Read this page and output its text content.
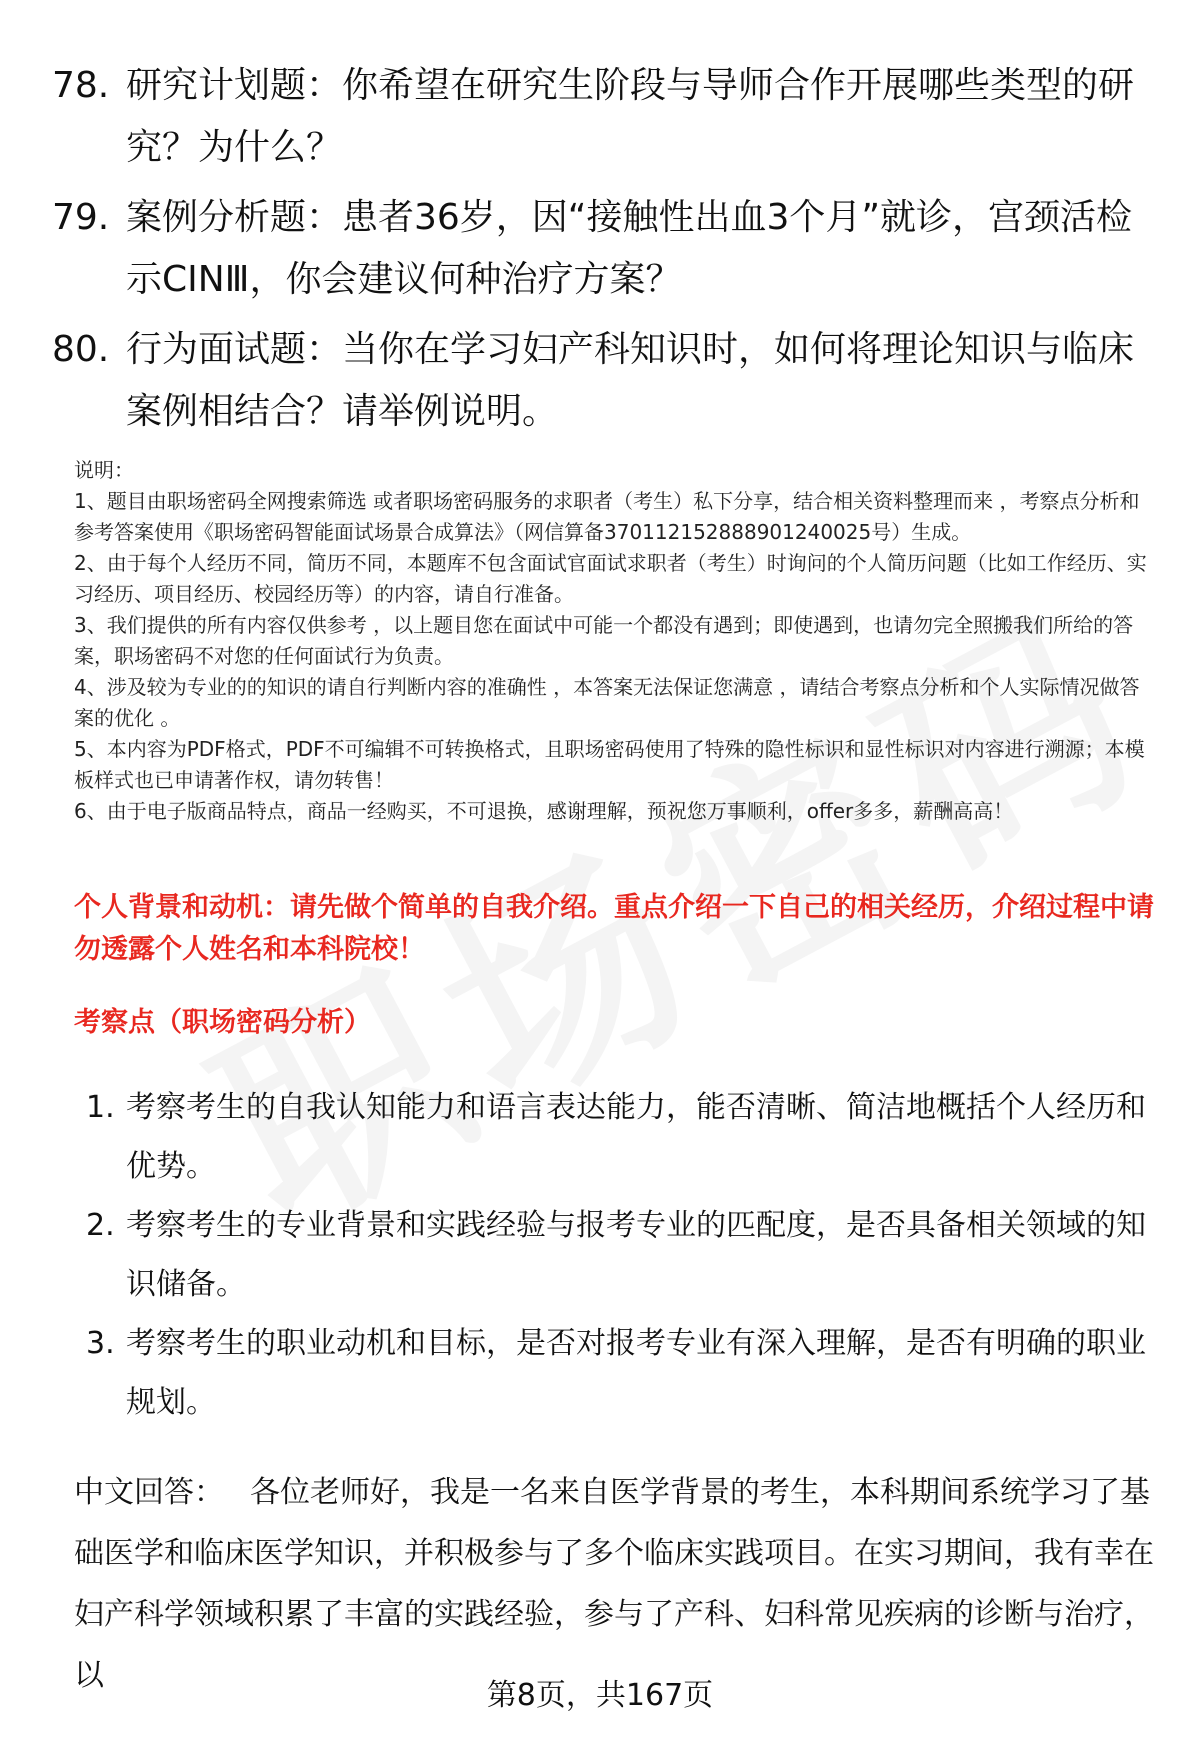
78. 研究计划题：你希望在研究生阶段与导师合作开展哪些类型的研究？为什么？
79. 案例分析题：患者36岁，因“接触性出血3个月”就诊，宫颈活检示CINⅢ，你会建议何种治疗方案？
80. 行为面试题：当你在学习妇产科知识时，如何将理论知识与临床案例相结合？请举例说明。

说明：

1、题目由职场密码全网搜索筛选 或者职场密码服务的求职者（考生）私下分享，结合相关资料整理而来 ，考察点分析和参考答案使用《职场密码智能面试场景合成算法》（网信算备370112152888901240025号）生成。

2、由于每个人经历不同，简历不同，本题库不包含面试官面试求职者（考生）时询问的个人简历问题（比如工作经历、实习经历、项目经历、校园经历等）的内容，请自行准备。

3、我们提供的所有内容仅供参考 ，以上题目您在面试中可能一个都没有遇到；即使遇到，也请勿完全照搬我们所给的答案，职场密码不对您的任何面试行为负责。

4、涉及较为专业的的知识的请自行判断内容的准确性 ，本答案无法保证您满意 ，请结合考察点分析和个人实际情况做答案的优化 。

5、本内容为PDF格式，PDF不可编辑不可转换格式，且职场密码使用了特殊的隐性标识和显性标识对内容进行溯源；本模板样式也已申请著作权，请勿转售！

6、由于电子版商品特点，商品一经购买，不可退换，感谢理解，预祝您万事顺利，offer多多，薪酬高高！

个人背景和动机：请先做个简单的自我介绍。重点介绍一下自己的相关经历，介绍过程中请勿透露个人姓名和本科院校！
考察点（职场密码分析）
1. 考察考生的自我认知能力和语言表达能力，能否清晰、简洁地概括个人经历和优势。
2. 考察考生的专业背景和实践经验与报考专业的匹配度，是否具备相关领域的知识储备。
3. 考察考生的职业动机和目标，是否对报考专业有深入理解，是否有明确的职业规划。
中文回答： 各位老师好，我是一名来自医学背景的考生，本科期间系统学习了基础医学和临床医学知识，并积极参与了多个临床实践项目。在实习期间，我有幸在妇产科学领域积累了丰富的实践经验，参与了产科、妇科常见疾病的诊断与治疗，以
第8页，共167页
